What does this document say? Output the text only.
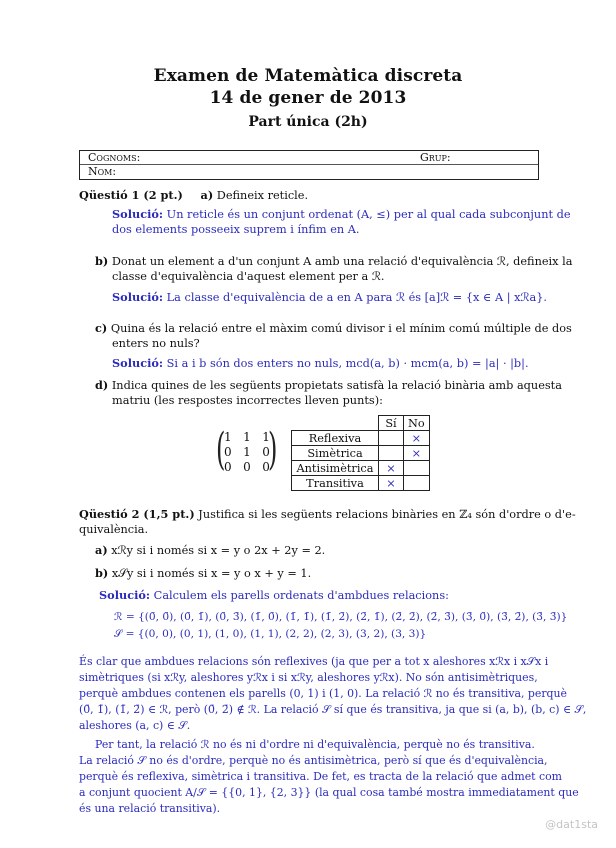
Examen de Matemàtica discreta
14 de gener de 2013
Part única (2h)
Cognoms:	Grup:
Nom:
Qüestió 1 (2 pt.) a) Defineix reticle.
Solució: Un reticle és un conjunt ordenat (A, ≤) per al qual cada subconjunt de
dos elements posseeix suprem i ínfim en A.
b) Donat un element a d'un conjunt A amb una relació d'equivalència ℛ, defineix la
classe d'equivalència d'aquest element per a ℛ.
Solució: La classe d'equivalència de a en A para ℛ és [a]ℛ = {x ∈ A | xℛa}.
c) Quina és la relació entre el màxim comú divisor i el mínim comú múltiple de dos
enters no nuls?
Solució: Si a i b són dos enters no nuls, mcd(a, b) · mcm(a, b) = |a| · |b|.
d) Indica quines de les següents propietats satisfà la relació binària amb aquesta
matriu (les respostes incorrectes lleven punts):
( )
1 1 1
0 1 0
0 0 0
	Sí	No
Reflexiva		×
Simètrica		×
Antisimètrica	×	
Transitiva	×	
Qüestió 2 (1,5 pt.) Justifica si les següents relacions binàries en ℤ₄ són d'ordre o d'e-
quivalència.
a) xℛy si i només si x = y o 2x + 2y = 2.
b) x𝒮y si i només si x = y o x + y = 1.
Solució: Calculem els parells ordenats d'ambdues relacions:
ℛ = {(0̄, 0̄), (0̄, 1̄), (0̄, 3̄), (1̄, 0̄), (1̄, 1̄), (1̄, 2̄), (2̄, 1̄), (2̄, 2̄), (2̄, 3̄), (3̄, 0̄), (3̄, 2̄), (3̄, 3̄)}
𝒮 = {(0, 0), (0, 1), (1, 0), (1, 1), (2, 2), (2, 3), (3, 2), (3, 3)}
És clar que ambdues relacions són reflexives (ja que per a tot x aleshores xℛx i x𝒮x i
simètriques (si xℛy, aleshores yℛx i si xℛy, aleshores yℛx). No són antisimètriques,
perquè ambdues contenen els parells (0, 1) i (1, 0). La relació ℛ no és transitiva, perquè
(0̄, 1̄), (1̄, 2̄) ∈ ℛ, però (0̄, 2̄) ∉ ℛ. La relació 𝒮 sí que és transitiva, ja que si (a, b), (b, c) ∈ 𝒮,
aleshores (a, c) ∈ 𝒮.
Per tant, la relació ℛ no és ni d'ordre ni d'equivalència, perquè no és transitiva.
La relació 𝒮 no és d'ordre, perquè no és antisimètrica, però sí que és d'equivalència,
perquè és reflexiva, simètrica i transitiva. De fet, es tracta de la relació que admet com
a conjunt quocient A/𝒮 = {{0, 1}, {2, 3}} (la qual cosa també mostra immediatament que
és una relació transitiva).
@dat1sta
